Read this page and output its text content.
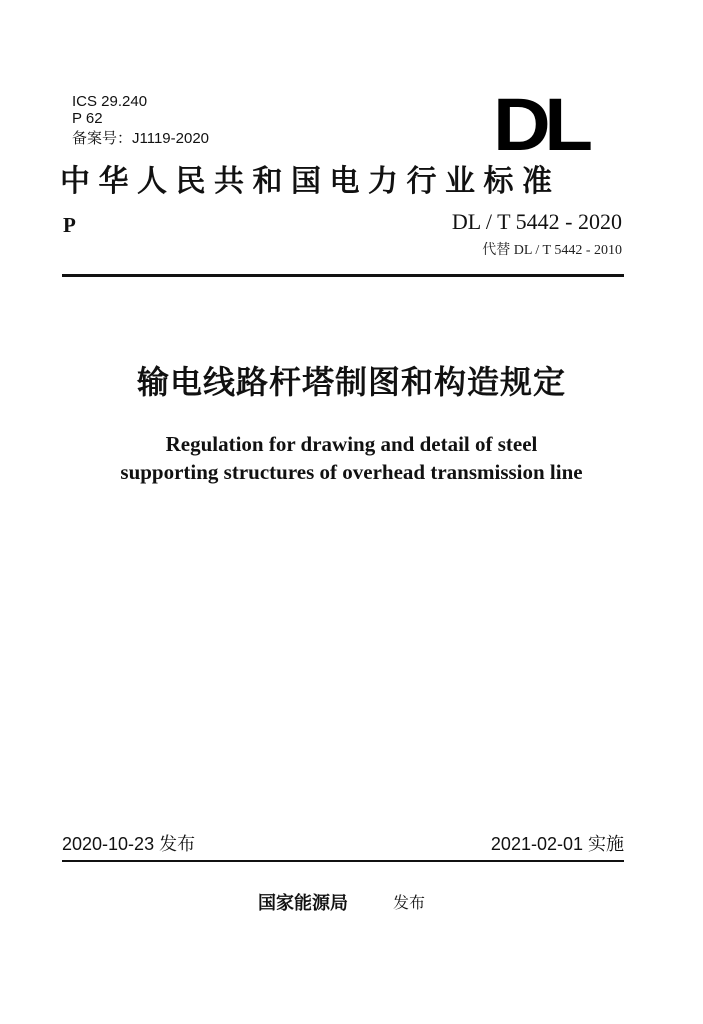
ICS 29.240
P 62
备案号：J1119-2020	DL
中华人民共和国电力行业标准
P	DL / T 5442 - 2020
代替 DL / T 5442 - 2010
输电线路杆塔制图和构造规定
Regulation for drawing and detail of steel
supporting structures of overhead transmission line
2020-10-23 发布	2021-02-01 实施
国家能源局	发布
